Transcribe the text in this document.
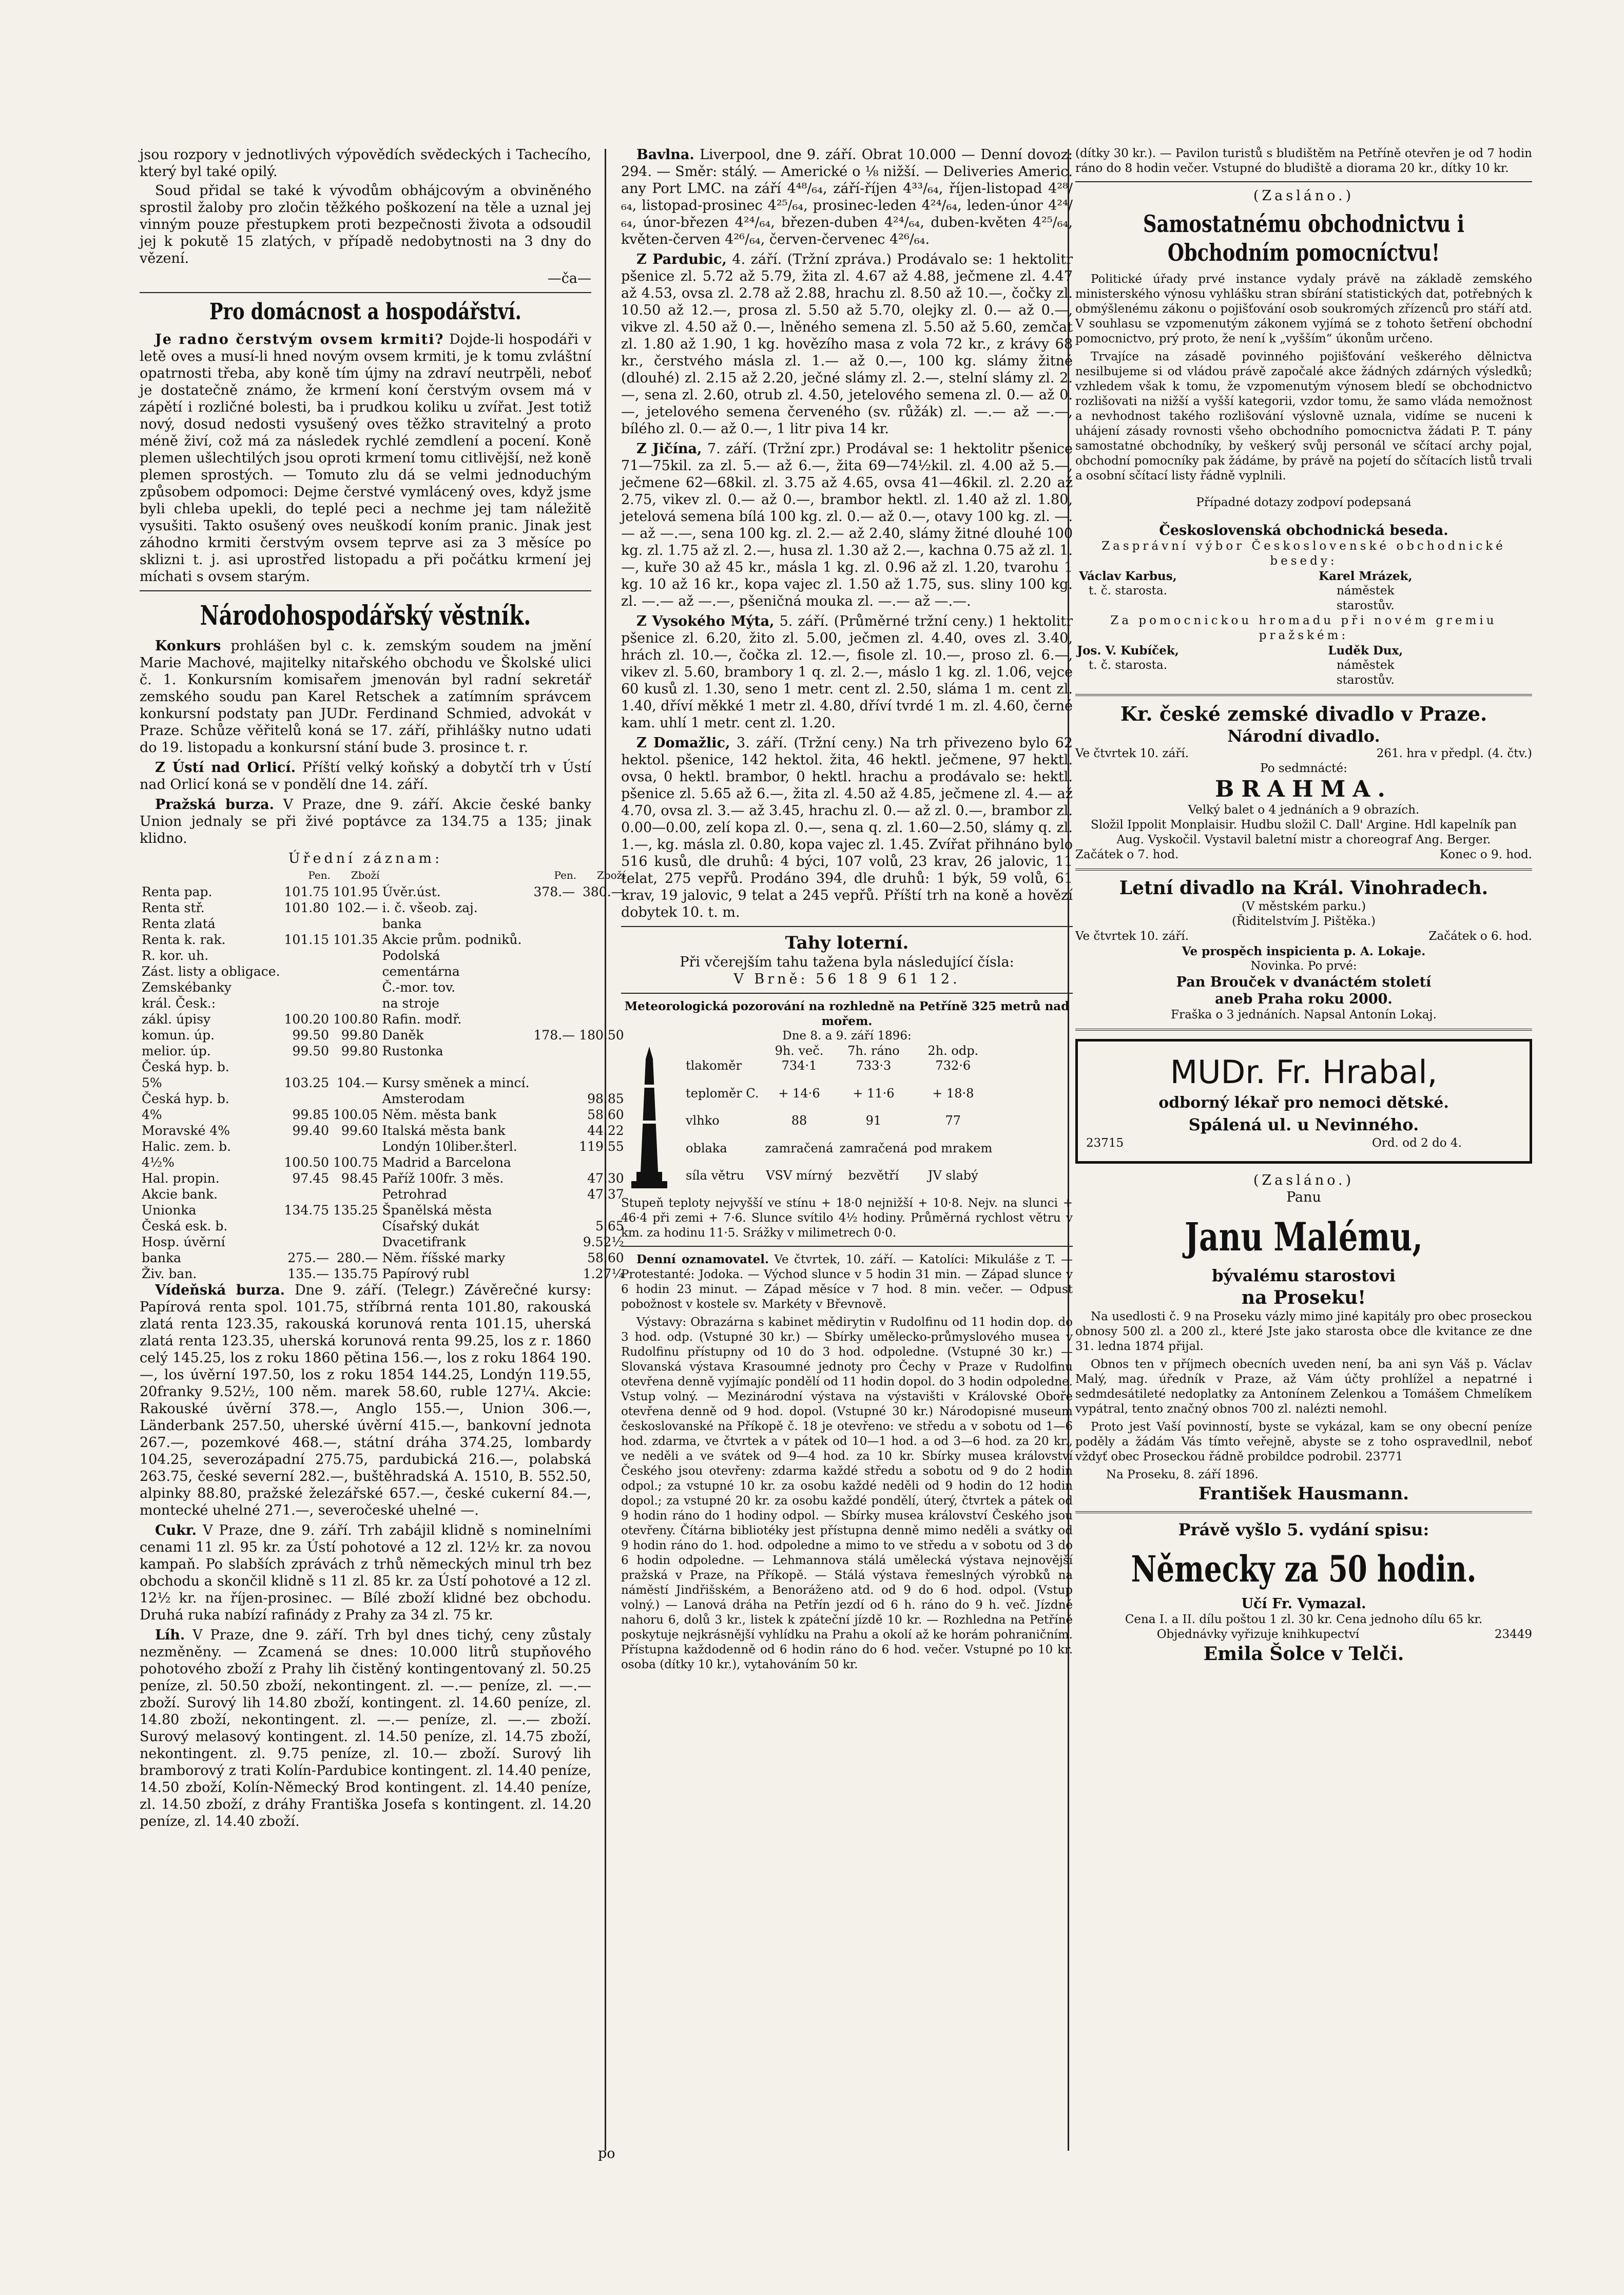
jsou rozpory v jednotlivých výpovědích svědeckých i Tachecího, který byl také opilý.

Soud přidal se také k vývodům obhájcovým a obviněného sprostil žaloby pro zločin těžkého poškození na těle a uznal jej vinným pouze přestupkem proti bezpečnosti života a odsoudil jej k pokutě 15 zlatých, v případě nedobytnosti na 3 dny do vězení.

—ča—

Pro domácnost a hospodářství.

Je radno čerstvým ovsem krmiti? Dojde-li hospodáři v letě oves a musí-li hned novým ovsem krmiti, je k tomu zvláštní opatrnosti třeba, aby koně tím újmy na zdraví neutrpěli, neboť je dostatečně známo, že krmení koní čerstvým ovsem má v zápětí i rozličné bolesti, ba i prudkou koliku u zvířat. Jest totiž nový, dosud nedosti vysušený oves těžko stravitelný a proto méně živí, což má za následek rychlé zemdlení a pocení. Koně plemen ušlechtilých jsou oproti krmení tomu citlivější, než koně plemen sprostých. — Tomuto zlu dá se velmi jednoduchým způsobem odpomoci: Dejme čerstvé vymlácený oves, když jsme byli chleba upekli, do teplé peci a nechme jej tam náležitě vysušiti. Takto osušený oves neuškodí koním pranic. Jinak jest záhodno krmiti čerstvým ovsem teprve asi za 3 měsíce po sklizni t. j. asi uprostřed listopadu a při počátku krmení jej míchati s ovsem starým.

Národohospodářský věstník.

Konkurs prohlášen byl c. k. zemským soudem na jmění Marie Machové, majitelky nitařského obchodu ve Školské ulici č. 1. Konkursním komisařem jmenován byl radní sekretář zemského soudu pan Karel Retschek a zatímním správcem konkursní podstaty pan JUDr. Ferdinand Schmied, advokát v Praze. Schůze věřitelů koná se 17. září, přihlášky nutno udati do 19. listopadu a konkursní stání bude 3. prosince t. r.

Z Ústí nad Orlicí. Příští velký koňský a dobytčí trh v Ústí nad Orlicí koná se v pondělí dne 14. září.

Pražská burza. V Praze, dne 9. září. Akcie české banky Union jednaly se při živé poptávce za 134.75 a 135; jinak klidno.

Úřední záznam:
	Pen.	Zboží		Pen.	Zboží
Renta pap.	101.75	101.95	Úvěr.úst.	378.—	380.—
Renta stř.	101.80	102.—	i. č. všeob. zaj.		
Renta zlatá			banka		
Renta k. rak.	101.15	101.35	Akcie prům. podniků.		
R. kor. uh.			Podolská		
Zást. listy a obligace.			cementárna		
Zemskébanky			Č.-mor. tov.		
král. Česk.:			na stroje		
zákl. úpisy	100.20	100.80	Rafin. modř.		
komun. úp.	99.50	99.80	Daněk	178.—	180.50
melior. úp.	99.50	99.80	Rustonka		
Česká hyp. b.					
5%	103.25	104.—	Kursy směnek a mincí.		
Česká hyp. b.			Amsterodam		98.85
4%	99.85	100.05	Něm. města bank		58.60
Moravské 4%	99.40	99.60	Italská města bank		44.22
Halic. zem. b.			Londýn 10liber.šterl.		119.55
4½%	100.50	100.75	Madrid a Barcelona		
Hal. propin.	97.45	98.45	Paříž 100fr. 3 měs.		47.30
Akcie bank.			Petrohrad		47.37
Unionka	134.75	135.25	Španělská města		
Česká esk. b.			Císařský dukát		5.65
Hosp. úvěrní			Dvacetifrank		9.52½
banka	275.—	280.—	Něm. říšské marky		58.60
Živ. ban.	135.—	135.75	Papírový rubl		1.27¼

Vídeňská burza. Dne 9. září. (Telegr.) Závěrečné kursy: Papírová renta spol. 101.75, stříbrná renta 101.80, rakouská zlatá renta 123.35, rakouská korunová renta 101.15, uherská zlatá renta 123.35, uherská korunová renta 99.25, los z r. 1860 celý 145.25, los z roku 1860 pětina 156.—, los z roku 1864 190.—, los úvěrní 197.50, los z roku 1854 144.25, Londýn 119.55, 20franky 9.52½, 100 něm. marek 58.60, ruble 127¼. Akcie: Rakouské úvěrní 378.—, Anglo 155.—, Union 306.—, Länderbank 257.50, uherské úvěrní 415.—, bankovní jednota 267.—, pozemkové 468.—, státní dráha 374.25, lombardy 104.25, severozápadní 275.75, pardubická 216.—, polabská 263.75, české severní 282.—, buštěhradská A. 1510, B. 552.50, alpinky 88.80, pražské železářské 657.—, české cukerní 84.—, montecké uhelné 271.—, severočeské uhelné —.

Cukr. V Praze, dne 9. září. Trh zabájil klidně s nominelními cenami 11 zl. 95 kr. za Ústí pohotové a 12 zl. 12½ kr. za novou kampaň. Po slabších zprávách z trhů německých minul trh bez obchodu a skončil klidně s 11 zl. 85 kr. za Ústí pohotové a 12 zl. 12½ kr. na říjen-prosinec. — Bílé zboží klidné bez obchodu. Druhá ruka nabízí rafinády z Prahy za 34 zl. 75 kr.

Líh. V Praze, dne 9. září. Trh byl dnes tichý, ceny zůstaly nezměněny. — Zcamená se dnes: 10.000 litrů stupňového pohotového zboží z Prahy lih čistěný kontingentovaný zl. 50.25 peníze, zl. 50.50 zboží, nekontingent. zl. —.— peníze, zl. —.— zboží. Surový lih 14.80 zboží, kontingent. zl. 14.60 peníze, zl. 14.80 zboží, nekontingent. zl. —.— peníze, zl. —.— zboží. Surový melasový kontingent. zl. 14.50 peníze, zl. 14.75 zboží, nekontingent. zl. 9.75 peníze, zl. 10.— zboží. Surový lih bramborový z trati Kolín-Pardubice kontingent. zl. 14.40 peníze, 14.50 zboží, Kolín-Německý Brod kontingent. zl. 14.40 peníze, zl. 14.50 zboží, z dráhy Františka Josefa s kontingent. zl. 14.20 peníze, zl. 14.40 zboží.

Bavlna. Liverpool, dne 9. září. Obrat 10.000 — Denní dovoz: 294. — Směr: stálý. — Americké o ⅛ nižší. — Deliveries Americ. any Port LMC. na září 4⁴⁸/₆₄, září-říjen 4³³/₆₄, říjen-listopad 4²⁸/₆₄, listopad-prosinec 4²⁵/₆₄, prosinec-leden 4²⁴/₆₄, leden-únor 4²⁴/₆₄, únor-březen 4²⁴/₆₄, březen-duben 4²⁴/₆₄, duben-květen 4²⁵/₆₄, květen-červen 4²⁶/₆₄, červen-červenec 4²⁶/₆₄.

Z Pardubic, 4. září. (Tržní zpráva.) Prodávalo se: 1 hektolitr pšenice zl. 5.72 až 5.79, žita zl. 4.67 až 4.88, ječmene zl. 4.47 až 4.53, ovsa zl. 2.78 až 2.88, hrachu zl. 8.50 až 10.—, čočky zl. 10.50 až 12.—, prosa zl. 5.50 až 5.70, olejky zl. 0.— až 0.—, vikve zl. 4.50 až 0.—, lněného semena zl. 5.50 až 5.60, zemčat zl. 1.80 až 1.90, 1 kg. hovězího masa z vola 72 kr., z krávy 68 kr., čerstvého másla zl. 1.— až 0.—, 100 kg. slámy žitné (dlouhé) zl. 2.15 až 2.20, ječné slámy zl. 2.—, stelní slámy zl. 2.—, sena zl. 2.60, otrub zl. 4.50, jetelového semena zl. 0.— až 0.—, jetelového semena červeného (sv. růžák) zl. —.— až —.—, bílého zl. 0.— až 0.—, 1 litr piva 14 kr.

Z Jičína, 7. září. (Tržní zpr.) Prodával se: 1 hektolitr pšenice 71—75kil. za zl. 5.— až 6.—, žita 69—74½kil. zl. 4.00 až 5.—, ječmene 62—68kil. zl. 3.75 až 4.65, ovsa 41—46kil. zl. 2.20 až 2.75, vikev zl. 0.— až 0.—, brambor hektl. zl. 1.40 až zl. 1.80, jetelová semena bílá 100 kg. zl. 0.— až 0.—, otavy 100 kg. zl. —.— až —.—, sena 100 kg. zl. 2.— až 2.40, slámy žitné dlouhé 100 kg. zl. 1.75 až zl. 2.—, husa zl. 1.30 až 2.—, kachna 0.75 až zl. 1.—, kuře 30 až 45 kr., másla 1 kg. zl. 0.96 až zl. 1.20, tvarohu 1 kg. 10 až 16 kr., kopa vajec zl. 1.50 až 1.75, sus. sliny 100 kg. zl. —.— až —.—, pšeničná mouka zl. —.— až —.—.

Z Vysokého Mýta, 5. září. (Průměrné tržní ceny.) 1 hektolitr pšenice zl. 6.20, žito zl. 5.00, ječmen zl. 4.40, oves zl. 3.40, hrách zl. 10.—, čočka zl. 12.—, fisole zl. 10.—, proso zl. 6.—, vikev zl. 5.60, brambory 1 q. zl. 2.—, máslo 1 kg. zl. 1.06, vejce 60 kusů zl. 1.30, seno 1 metr. cent zl. 2.50, sláma 1 m. cent zl. 1.40, dříví měkké 1 metr zl. 4.80, dříví tvrdé 1 m. zl. 4.60, černé kam. uhlí 1 metr. cent zl. 1.20.

Z Domažlic, 3. září. (Tržní ceny.) Na trh přivezeno bylo 62 hektol. pšenice, 142 hektol. žita, 46 hektl. ječmene, 97 hektl. ovsa, 0 hektl. brambor, 0 hektl. hrachu a prodávalo se: hektl. pšenice zl. 5.65 až 6.—, žita zl. 4.50 až 4.85, ječmene zl. 4.— až 4.70, ovsa zl. 3.— až 3.45, hrachu zl. 0.— až zl. 0.—, brambor zl. 0.00—0.00, zelí kopa zl. 0.—, sena q. zl. 1.60—2.50, slámy q. zl. 1.—, kg. másla zl. 0.80, kopa vajec zl. 1.45. Zvířat přihnáno bylo 516 kusů, dle druhů: 4 býci, 107 volů, 23 krav, 26 jalovic, 11 telat, 275 vepřů. Prodáno 394, dle druhů: 1 býk, 59 volů, 61 krav, 19 jalovic, 9 telat a 245 vepřů. Příští trh na koně a hovězí dobytek 10. t. m.

Tahy loterní.
Při včerejším tahu tažena byla následující čísla:
V Brně: 56 18 9 61 12.
Meteorologická pozorování na rozhledně na Petříně 325 metrů nad mořem.
Dne 8. a 9. září 1896:
	9h. več.	7h. ráno	2h. odp.
tlakoměr	734·1	733·3	732·6
teploměr C.	+ 14·6	+ 11·6	+ 18·8
vlhko	88	91	77
oblaka	zamračená	zamračená	pod mrakem
síla větru	VSV mírný	bezvětří	JV slabý

Stupeň teploty nejvyšší ve stínu + 18·0 nejnižší + 10·8. Nejv. na slunci + 46·4 při zemi + 7·6. Slunce svítilo 4½ hodiny. Průměrná rychlost větru v km. za hodinu 11·5. Srážky v milimetrech 0·0.

Denní oznamovatel. Ve čtvrtek, 10. září. — Katolíci: Mikuláše z T. — Protestanté: Jodoka. — Východ slunce v 5 hodin 31 min. — Západ slunce v 6 hodin 23 minut. — Západ měsíce v 7 hod. 8 min. večer. — Odpust pobožnost v kostele sv. Markéty v Břevnově.

Výstavy: Obrazárna s kabinet mědirytin v Rudolfinu od 11 hodin dop. do 3 hod. odp. (Vstupné 30 kr.) — Sbírky umělecko-průmyslového musea v Rudolfinu přístupny od 10 do 3 hod. odpoledne. (Vstupné 30 kr.) — Slovanská výstava Krasoumné jednoty pro Čechy v Praze v Rudolfinu otevřena denně vyjímajíc pondělí od 11 hodin dopol. do 3 hodin odpoledne. Vstup volný. — Mezinárodní výstava na výstavišti v Královské Oboře otevřena denně od 9 hod. dopol. (Vstupné 30 kr.) Národopisné museum českoslovanské na Příkopě č. 18 je otevřeno: ve středu a v sobotu od 1—6 hod. zdarma, ve čtvrtek a v pátek od 10—1 hod. a od 3—6 hod. za 20 kr., ve neděli a ve svátek od 9—4 hod. za 10 kr. Sbírky musea království Českého jsou otevřeny: zdarma každé středu a sobotu od 9 do 2 hodin odpol.; za vstupné 10 kr. za osobu každé neděli od 9 hodin do 12 hodin dopol.; za vstupné 20 kr. za osobu každé pondělí, úterý, čtvrtek a pátek od 9 hodin ráno do 1 hodiny odpol. — Sbírky musea království Českého jsou otevřeny. Čítárna bibliotéky jest přístupna denně mimo neděli a svátky od 9 hodin ráno do 1. hod. odpoledne a mimo to ve středu a v sobotu od 3 do 6 hodin odpoledne. — Lehmannova stálá umělecká výstava nejnovější pražská v Praze, na Příkopě. — Stálá výstava řemeslných výrobků na náměstí Jindřišském, a Benoráženo atd. od 9 do 6 hod. odpol. (Vstup volný.) — Lanová dráha na Petřín jezdí od 6 h. ráno do 9 h. več. Jízdné nahoru 6, dolů 3 kr., listek k zpáteční jízdě 10 kr. — Rozhledna na Petříně poskytuje nejkrásnější vyhlídku na Prahu a okolí až ke horám pohraničním. Přístupna každodenně od 6 hodin ráno do 6 hod. večer. Vstupné po 10 kr. osoba (dítky 10 kr.), vytahováním 50 kr.

(dítky 30 kr.). — Pavilon turistů s bludištěm na Petříně otevřen je od 7 hodin ráno do 8 hodin večer. Vstupné do bludiště a diorama 20 kr., dítky 10 kr.

(Zasláno.)
Samostatnému obchodnictvu i Obchodním pomocníctvu!

Politické úřady prvé instance vydaly právě na základě zemského ministerského výnosu vyhlášku stran sbírání statistických dat, potřebných k obmýšlenému zákonu o pojišťování osob soukromých zřízenců pro stáří atd. V souhlasu se vzpomenutým zákonem vyjímá se z tohoto šetření obchodní pomocnictvo, prý proto, že není k „vyšším“ úkonům určeno.

Trvajíce na zásadě povinného pojišťování veškerého dělnictva nesilbujeme si od vládou právě započalé akce žádných zdárných výsledků; vzhledem však k tomu, že vzpomenutým výnosem bledí se obchodnictvo rozlišovati na nižší a vyšší kategorii, vzdor tomu, že samo vláda nemožnost a nevhodnost takého rozlišování výslovně uznala, vidíme se nuceni k uhájení zásady rovnosti všeho obchodního pomocnictva žádati P. T. pány samostatné obchodníky, by veškerý svůj personál ve sčítací archy pojal, obchodní pomocníky pak žádáme, by právě na pojetí do sčítacích listů trvali a osobní sčítací listy řádně vyplnili.

Případné dotazy zodpoví podepsaná

Československá obchodnická beseda.
Zasprávní výbor Československé obchodnické besedy:
Václav Karbus,
t. č. starosta.
Karel Mrázek,
náměstek starostův.
Za pomocnickou hromadu při novém gremiu pražském:
Jos. V. Kubíček,
t. č. starosta.
Luděk Dux,
náměstek starostův.
Kr. české zemské divadlo v Praze.
Národní divadlo.
Ve čtvrtek 10. září.	261. hra v předpl. (4. čtv.)
Po sedmnácté:
BRAHMA.
Velký balet o 4 jednáních a 9 obrazích.
Složil Ippolit Monplaisir. Hudbu složil C. Dall' Argine. Hdl kapelník pan Aug. Vyskočil. Vystavil baletní mistr a choreograf Ang. Berger.
Začátek o 7. hod.	Konec o 9. hod.
Letní divadlo na Král. Vinohradech.
(V městském parku.)
(Řiditelstvím J. Pištěka.)
Ve čtvrtek 10. září.	Začátek o 6. hod.
Ve prospěch inspicienta p. A. Lokaje.
Novinka. Po prvé:
Pan Brouček v dvanáctém století
aneb Praha roku 2000.
Fraška o 3 jednáních. Napsal Antonín Lokaj.
MUDr. Fr. Hrabal,
odborný lékař pro nemoci dětské.
Spálená ul. u Nevinného.
23715	Ord. od 2 do 4.
(Zasláno.)
Panu
Janu Malému,
bývalému starostovi
na Proseku!

Na usedlosti č. 9 na Proseku vázly mimo jiné kapitály pro obec proseckou obnosy 500 zl. a 200 zl., které Jste jako starosta obce dle kvitance ze dne 31. ledna 1874 přijal.

Obnos ten v příjmech obecních uveden není, ba ani syn Váš p. Václav Malý, mag. úředník v Praze, až Vám účty prohlížel a nepatrné i sedmdesátileté nedoplatky za Antonínem Zelenkou a Tomášem Chmelíkem vypátral, tento značný obnos 700 zl. nalézti nemohl.

Proto jest Vaší povinností, byste se vykázal, kam se ony obecní peníze poděly a žádám Vás tímto veřejně, abyste se z toho ospravedlnil, neboť vždyť obec Proseckou řádně probildce podrobil. 23771

Na Proseku, 8. září 1896.
František Hausmann.
Právě vyšlo 5. vydání spisu:
Německy za 50 hodin.
Učí Fr. Vymazal.
Cena I. a II. dílu poštou 1 zl. 30 kr. Cena jednoho dílu 65 kr.
Objednávky vyřizuje knihkupectví	23449
Emila Šolce v Telči.
po
